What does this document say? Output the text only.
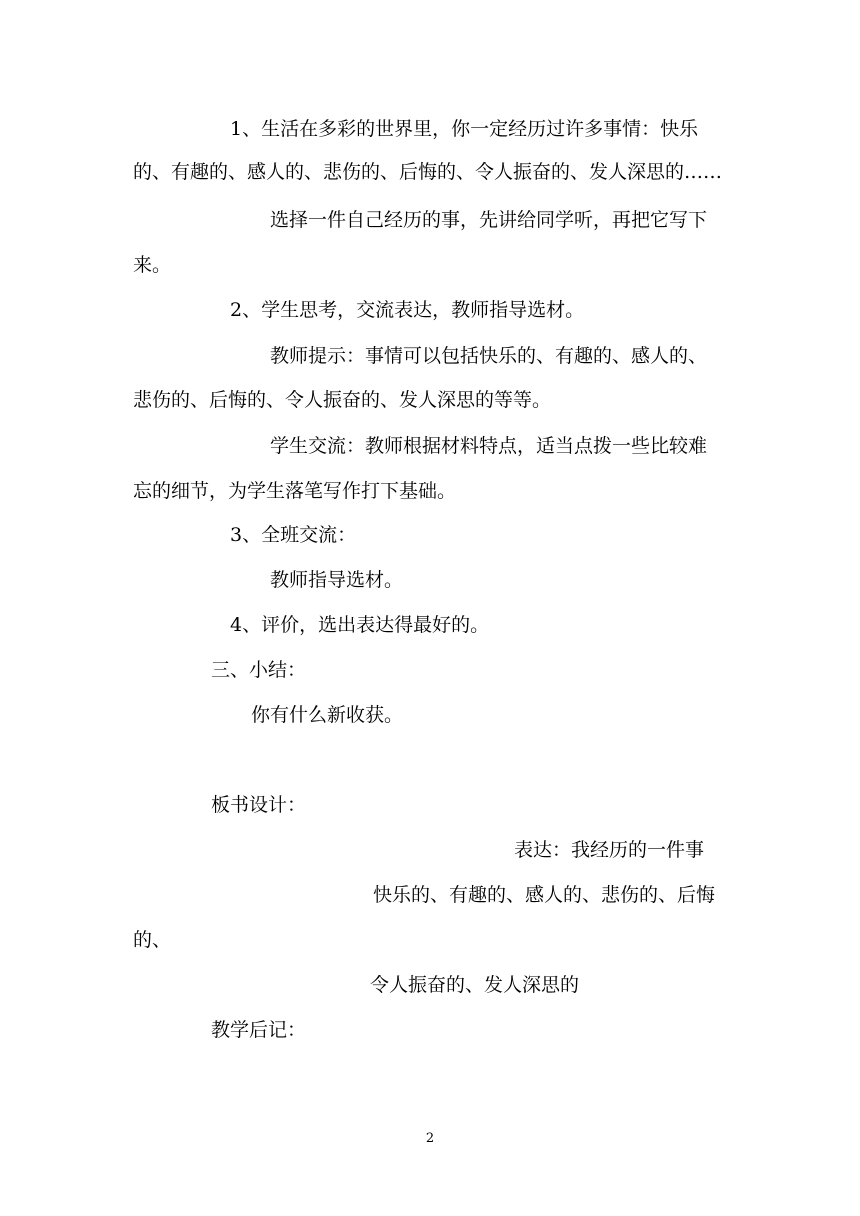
1、生活在多彩的世界里，你一定经历过许多事情：快乐
的、有趣的、感人的、悲伤的、后悔的、令人振奋的、发人深思的……
选择一件自己经历的事，先讲给同学听，再把它写下
来。
2、学生思考，交流表达，教师指导选材。
教师提示：事情可以包括快乐的、有趣的、感人的、
悲伤的、后悔的、令人振奋的、发人深思的等等。
学生交流：教师根据材料特点，适当点拨一些比较难
忘的细节，为学生落笔写作打下基础。
3、全班交流：
教师指导选材。
4、评价，选出表达得最好的。
三、小结：
你有什么新收获。
板书设计：
表达：我经历的一件事
快乐的、有趣的、感人的、悲伤的、后悔
的、
令人振奋的、发人深思的
教学后记：
2
